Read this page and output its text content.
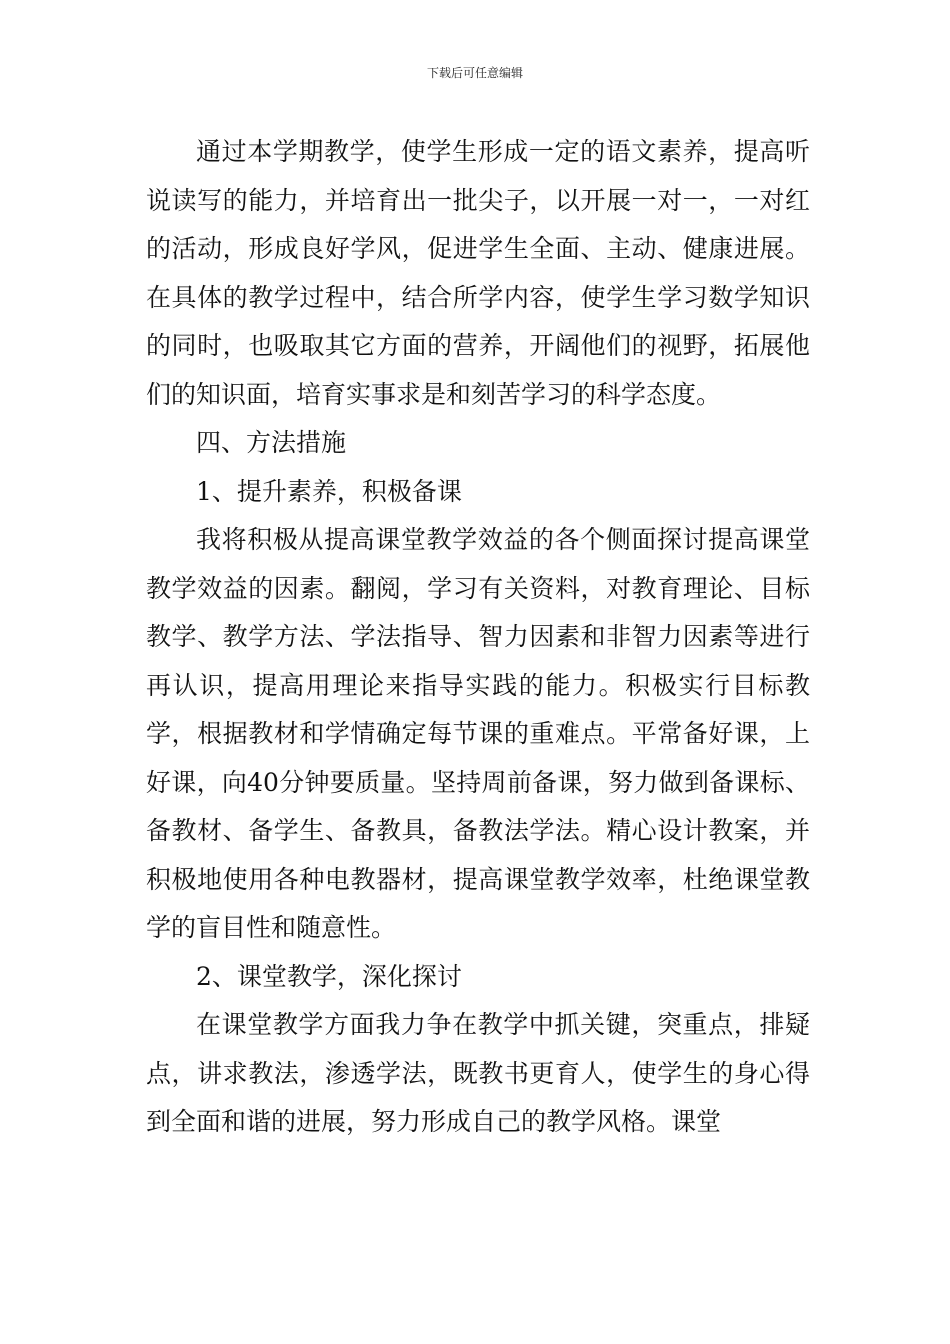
下载后可任意编辑

通过本学期教学，使学生形成一定的语文素养，提高听说读写的能力，并培育出一批尖子，以开展一对一，一对红的活动，形成良好学风，促进学生全面、主动、健康进展。在具体的教学过程中，结合所学内容，使学生学习数学知识的同时，也吸取其它方面的营养，开阔他们的视野，拓展他们的知识面，培育实事求是和刻苦学习的科学态度。

四、方法措施

1、提升素养，积极备课

我将积极从提高课堂教学效益的各个侧面探讨提高课堂教学效益的因素。翻阅，学习有关资料，对教育理论、目标教学、教学方法、学法指导、智力因素和非智力因素等进行再认识，提高用理论来指导实践的能力。积极实行目标教学，根据教材和学情确定每节课的重难点。平常备好课，上好课，向40分钟要质量。坚持周前备课，努力做到备课标、备教材、备学生、备教具，备教法学法。精心设计教案，并积极地使用各种电教器材，提高课堂教学效率，杜绝课堂教学的盲目性和随意性。

2、课堂教学，深化探讨

在课堂教学方面我力争在教学中抓关键，突重点，排疑点，讲求教法，渗透学法，既教书更育人，使学生的身心得到全面和谐的进展，努力形成自己的教学风格。课堂
